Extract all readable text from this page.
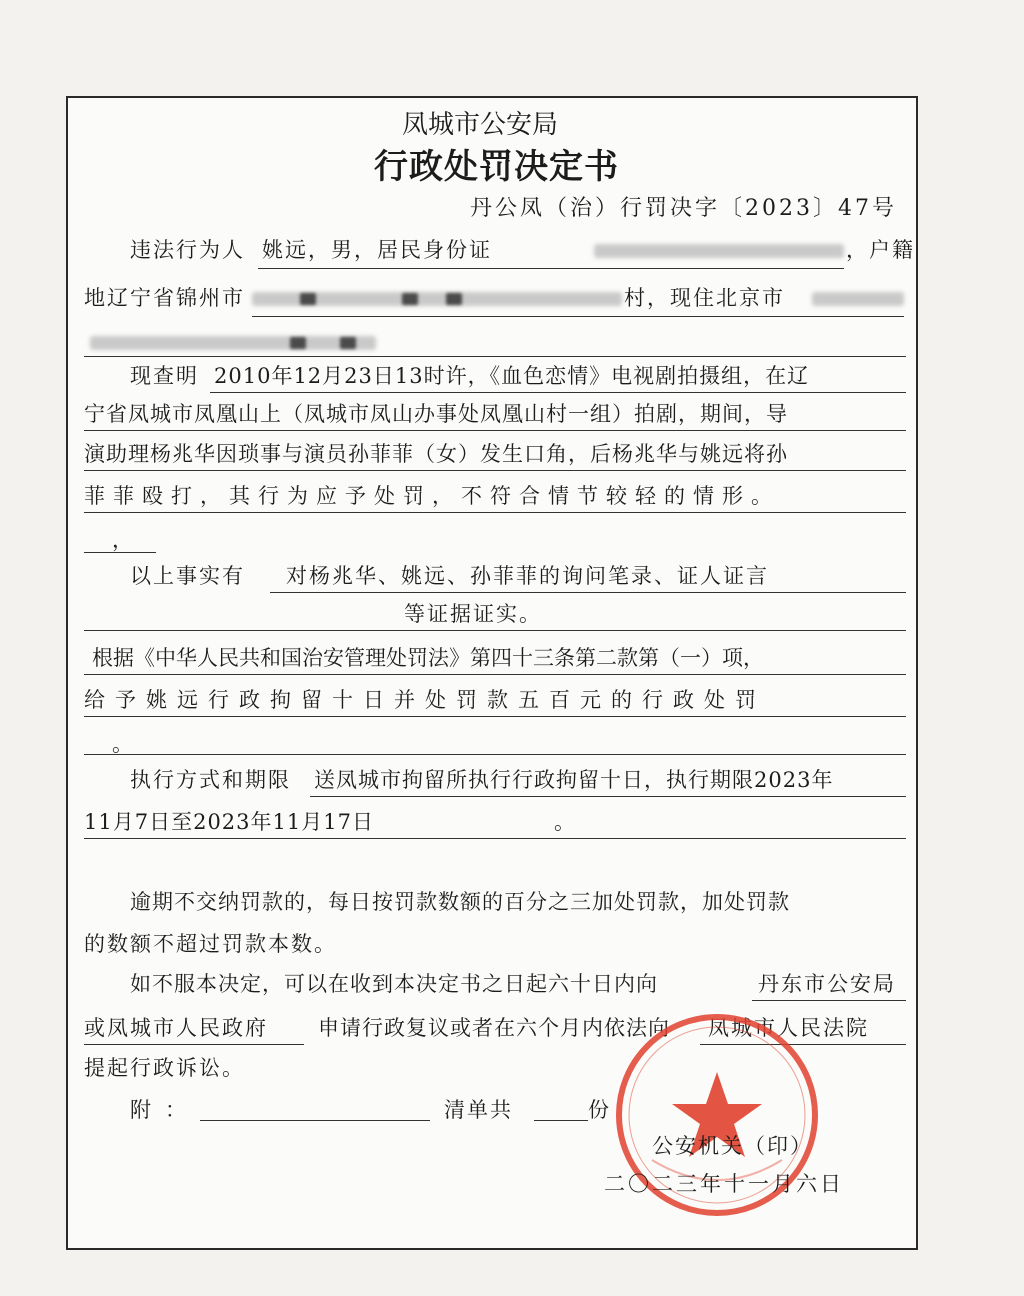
凤城市公安局
行政处罚决定书
丹公凤（治）行罚决字〔2023〕47号
违法行为人 姚远，男，居民身份证	，户籍
地辽宁省锦州市	村，现住北京市
现查明 2010年12月23日13时许，《血色恋情》电视剧拍摄组，在辽
宁省凤城市凤凰山上（凤城市凤山办事处凤凰山村一组）拍剧，期间，导
演助理杨兆华因琐事与演员孙菲菲（女）发生口角，后杨兆华与姚远将孙
菲菲殴打，其行为应予处罚，不符合情节较轻的情形。
，
以上事实有 对杨兆华、姚远、孙菲菲的询问笔录、证人证言
等证据证实。
根据《中华人民共和国治安管理处罚法》第四十三条第二款第（一）项，
给予姚远行政拘留十日并处罚款五百元的行政处罚
。
执行方式和期限 送凤城市拘留所执行行政拘留十日，执行期限2023年
11月7日至2023年11月17日	。
逾期不交纳罚款的，每日按罚款数额的百分之三加处罚款，加处罚款
的数额不超过罚款本数。
如不服本决定，可以在收到本决定书之日起六十日内向	丹东市公安局
或凤城市人民政府 申请行政复议或者在六个月内依法向 凤城市人民法院
提起行政诉讼。
附：	清单共	份
公安机关（印）
二〇二三年十一月六日
